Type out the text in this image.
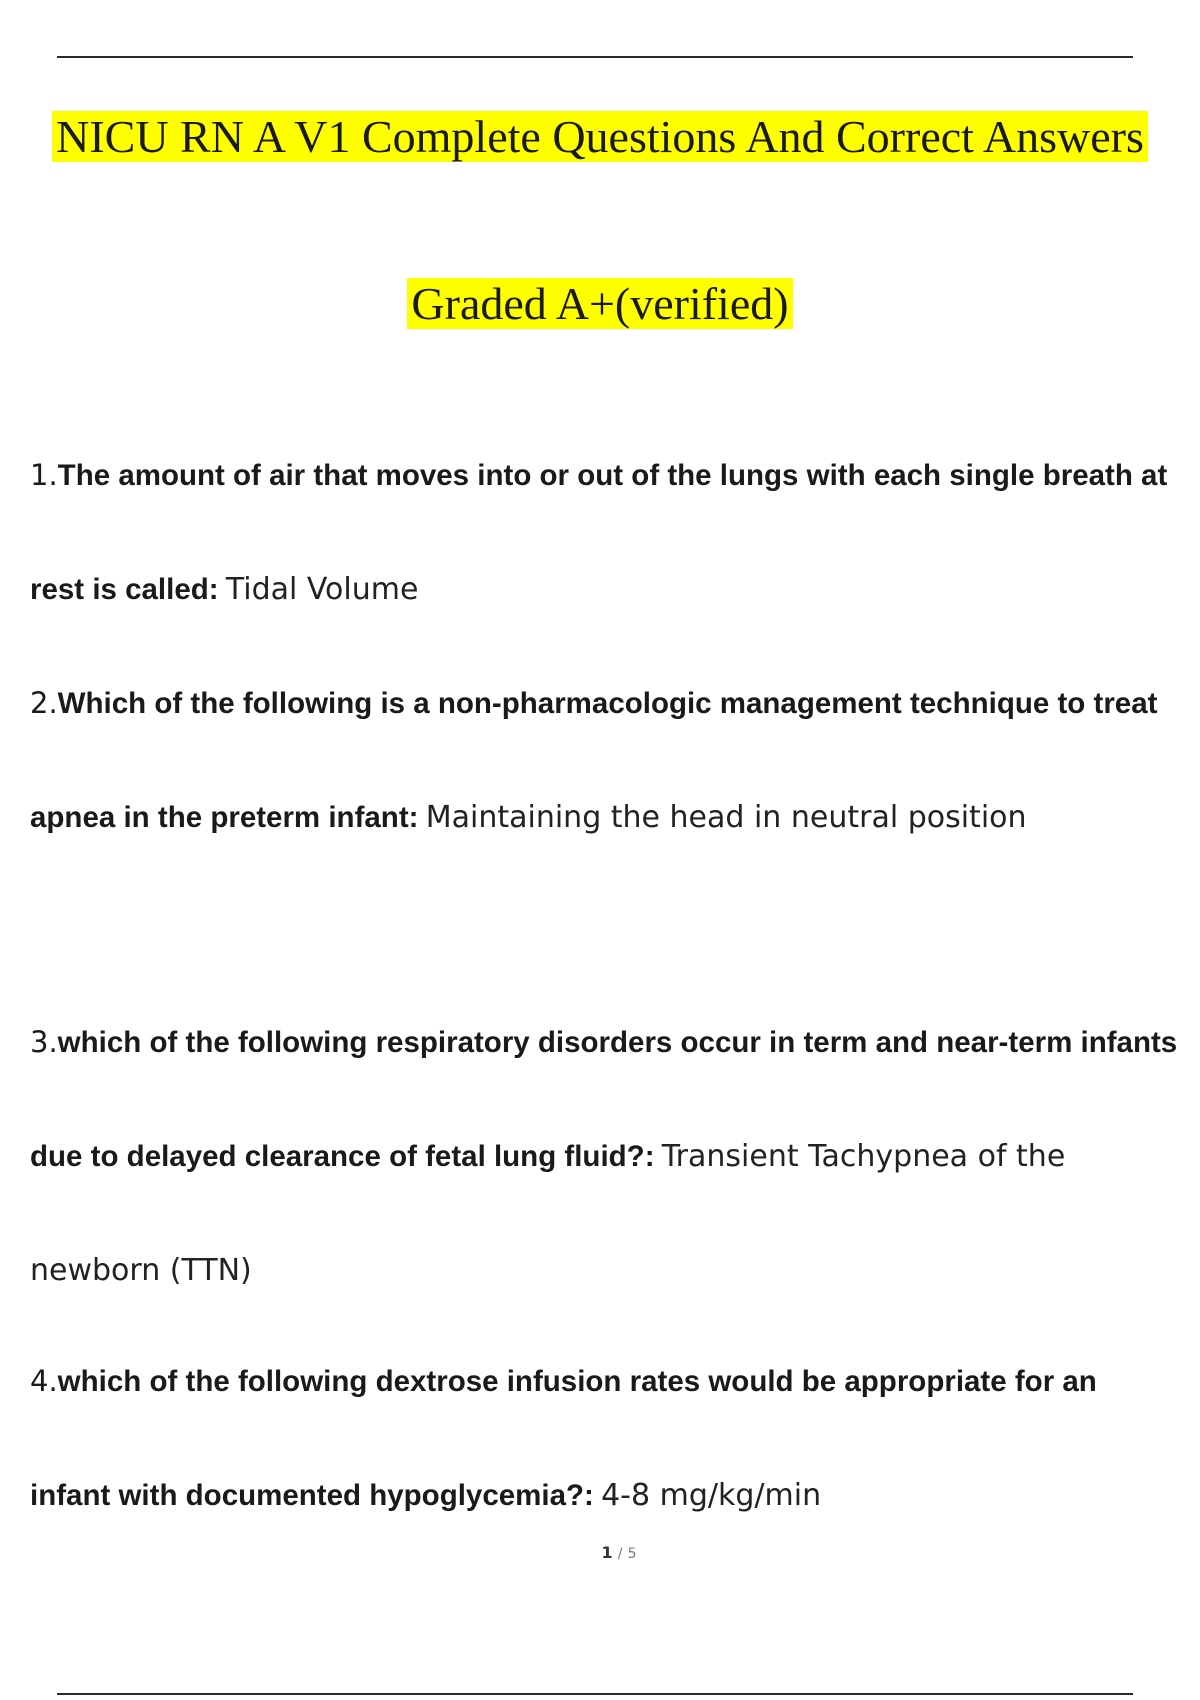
NICU RN A V1 Complete Questions And Correct Answers
Graded A+(verified)

1.The amount of air that moves into or out of the lungs with each single breath at rest is called: Tidal Volume

2.Which of the following is a non-pharmacologic management technique to treat apnea in the preterm infant: Maintaining the head in neutral position

3.which of the following respiratory disorders occur in term and near-term infants due to delayed clearance of fetal lung fluid?: Transient Tachypnea of the newborn (TTN)

4.which of the following dextrose infusion rates would be appropriate for an infant with documented hypoglycemia?: 4-8 mg/kg/min

1 / 5
